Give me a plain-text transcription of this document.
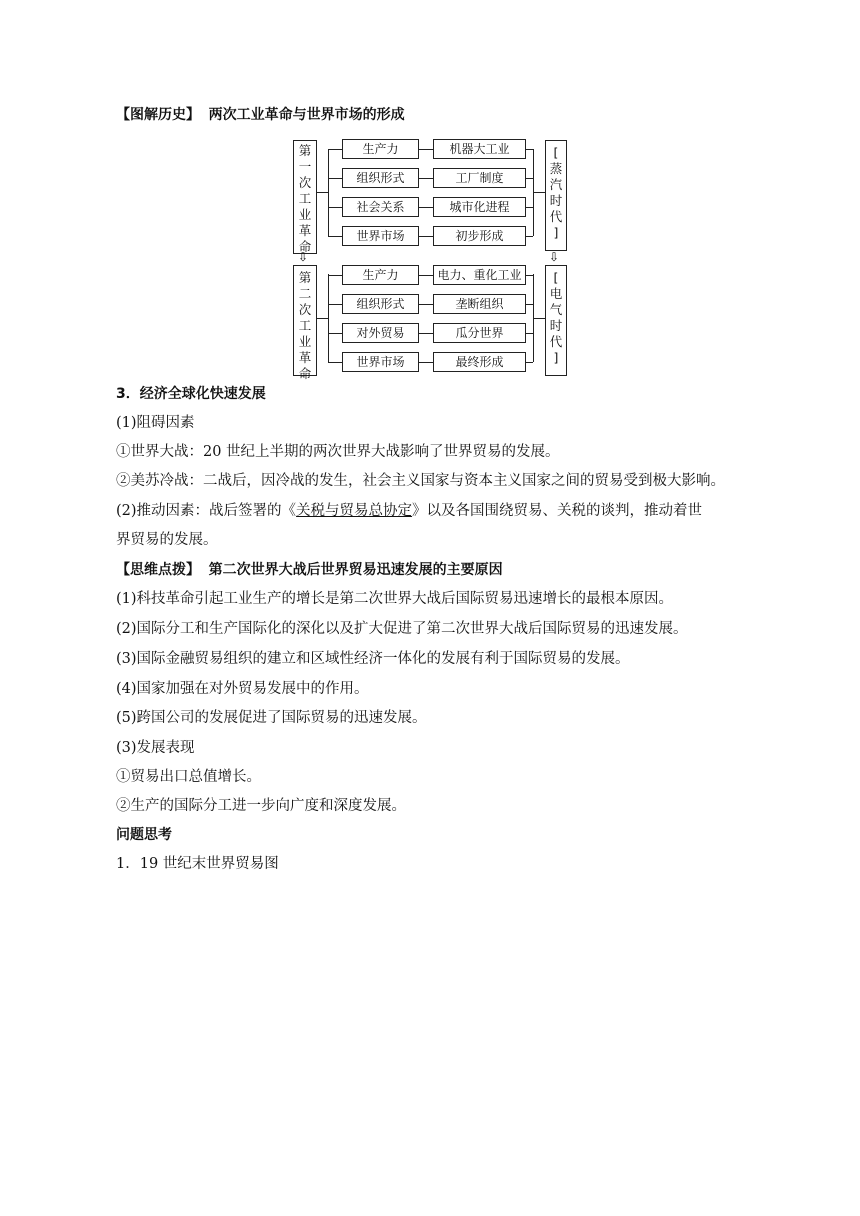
【图解历史】 两次工业革命与世界市场的形成
第
一
次
工
业
革
命
[
蒸
汽
时
代
]
⇩	⇩
第
二
次
工
业
革
命
[
电
气
时
代
]
生产力	机器大工业
组织形式	工厂制度
社会关系	城市化进程
世界市场	初步形成
生产力	电力、重化工业
组织形式	垄断组织
对外贸易	瓜分世界
世界市场	最终形成
3．经济全球化快速发展
(1)阻碍因素
①世界大战：20 世纪上半期的两次世界大战影响了世界贸易的发展。
②美苏冷战：二战后，因冷战的发生，社会主义国家与资本主义国家之间的贸易受到极大影响。
(2)推动因素：战后签署的《关税与贸易总协定》以及各国围绕贸易、关税的谈判，推动着世
界贸易的发展。
【思维点拨】 第二次世界大战后世界贸易迅速发展的主要原因
(1)科技革命引起工业生产的增长是第二次世界大战后国际贸易迅速增长的最根本原因。
(2)国际分工和生产国际化的深化以及扩大促进了第二次世界大战后国际贸易的迅速发展。
(3)国际金融贸易组织的建立和区域性经济一体化的发展有利于国际贸易的发展。
(4)国家加强在对外贸易发展中的作用。
(5)跨国公司的发展促进了国际贸易的迅速发展。
(3)发展表现
①贸易出口总值增长。
②生产的国际分工进一步向广度和深度发展。
问题思考
1．19 世纪末世界贸易图
